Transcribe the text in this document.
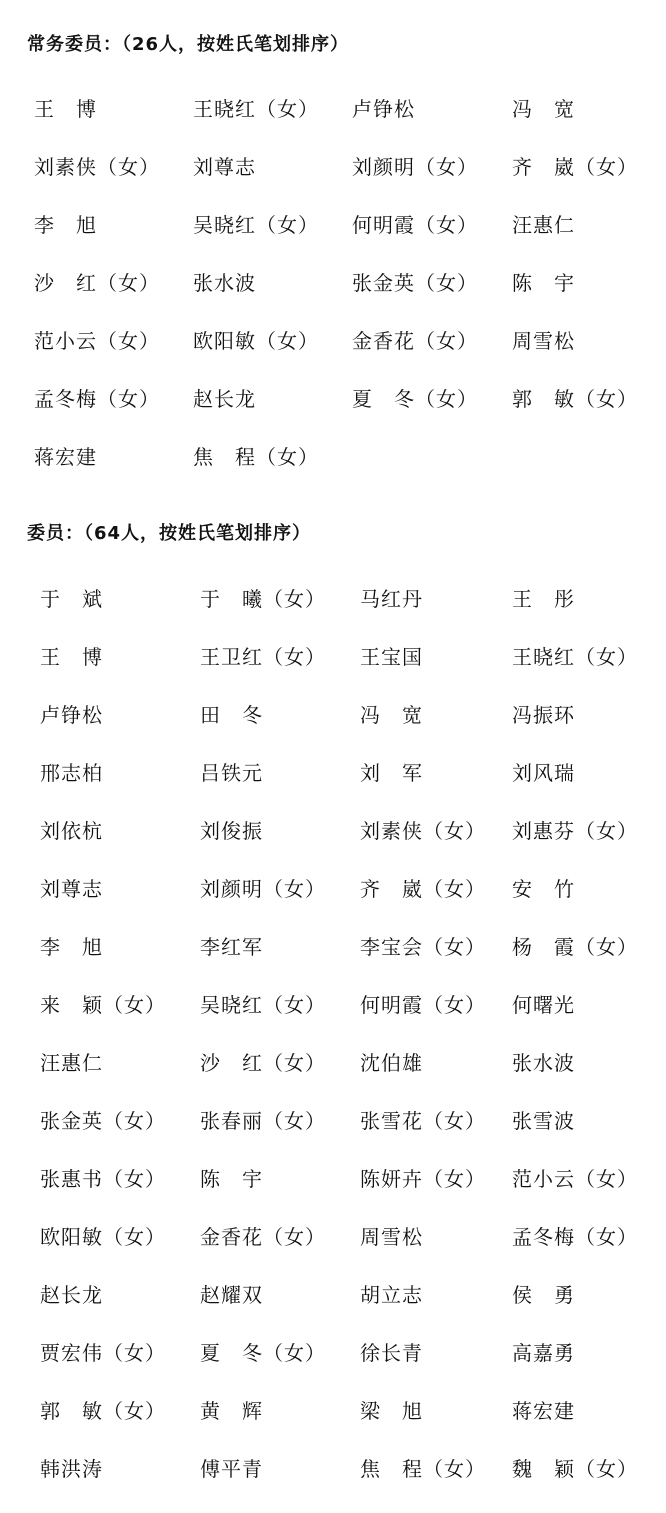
常务委员：（26人，按姓氏笔划排序）
王　博	王晓红（女）	卢铮松	冯　宽
刘素侠（女）	刘尊志	刘颜明（女）	齐　崴（女）
李　旭	吴晓红（女）	何明霞（女）	汪惠仁
沙　红（女）	张水波	张金英（女）	陈　宇
范小云（女）	欧阳敏（女）	金香花（女）	周雪松
孟冬梅（女）	赵长龙	夏　冬（女）	郭　敏（女）
蒋宏建	焦　程（女）
委员：（64人，按姓氏笔划排序）
于　斌	于　曦（女）	马红丹	王　彤
王　博	王卫红（女）	王宝国	王晓红（女）
卢铮松	田　冬	冯　宽	冯振环
邢志柏	吕铁元	刘　军	刘风瑞
刘依杭	刘俊振	刘素侠（女）	刘惠芬（女）
刘尊志	刘颜明（女）	齐　崴（女）	安　竹
李　旭	李红军	李宝会（女）	杨　霞（女）
来　颖（女）	吴晓红（女）	何明霞（女）	何曙光
汪惠仁	沙　红（女）	沈伯雄	张水波
张金英（女）	张春丽（女）	张雪花（女）	张雪波
张惠书（女）	陈　宇	陈妍卉（女）	范小云（女）
欧阳敏（女）	金香花（女）	周雪松	孟冬梅（女）
赵长龙	赵耀双	胡立志	侯　勇
贾宏伟（女）	夏　冬（女）	徐长青	高嘉勇
郭　敏（女）	黄　辉	梁　旭	蒋宏建
韩洪涛	傅平青	焦　程（女）	魏　颖（女）
